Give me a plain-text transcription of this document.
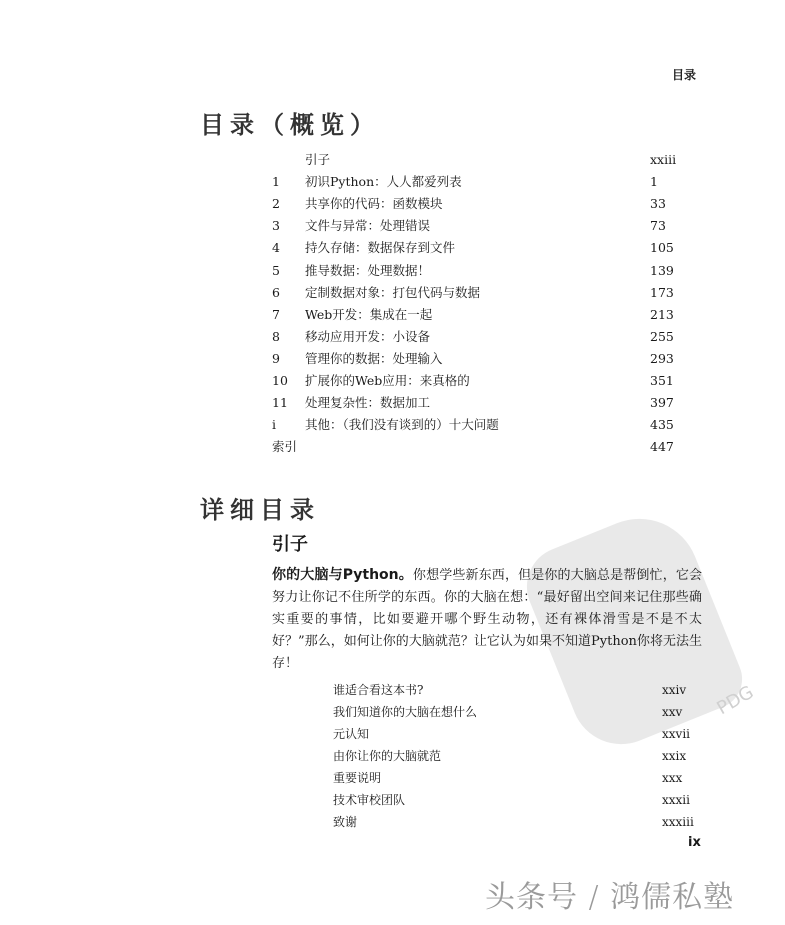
PDG
目录
目录（概览）
引子	xxiii
1 初识Python：人人都爱列表	1
2 共享你的代码：函数模块	33
3 文件与异常：处理错误	73
4 持久存储：数据保存到文件	105
5 推导数据：处理数据！	139
6 定制数据对象：打包代码与数据	173
7 Web开发：集成在一起	213
8 移动应用开发：小设备	255
9 管理你的数据：处理输入	293
10 扩展你的Web应用：来真格的	351
11 处理复杂性：数据加工	397
i 其他：（我们没有谈到的）十大问题	435
索引	447
详细目录
引子

你的大脑与Python。你想学些新东西，但是你的大脑总是帮倒忙，它会努力让你记不住所学的东西。你的大脑在想：“最好留出空间来记住那些确实重要的事情，比如要避开哪个野生动物，还有裸体滑雪是不是不太好？”那么，如何让你的大脑就范？让它认为如果不知道Python你将无法生存！

谁适合看这本书?	xxiv
我们知道你的大脑在想什么	xxv
元认知	xxvii
由你让你的大脑就范	xxix
重要说明	xxx
技术审校团队	xxxii
致谢	xxxiii
ix
头条号 / 鸿儒私塾
